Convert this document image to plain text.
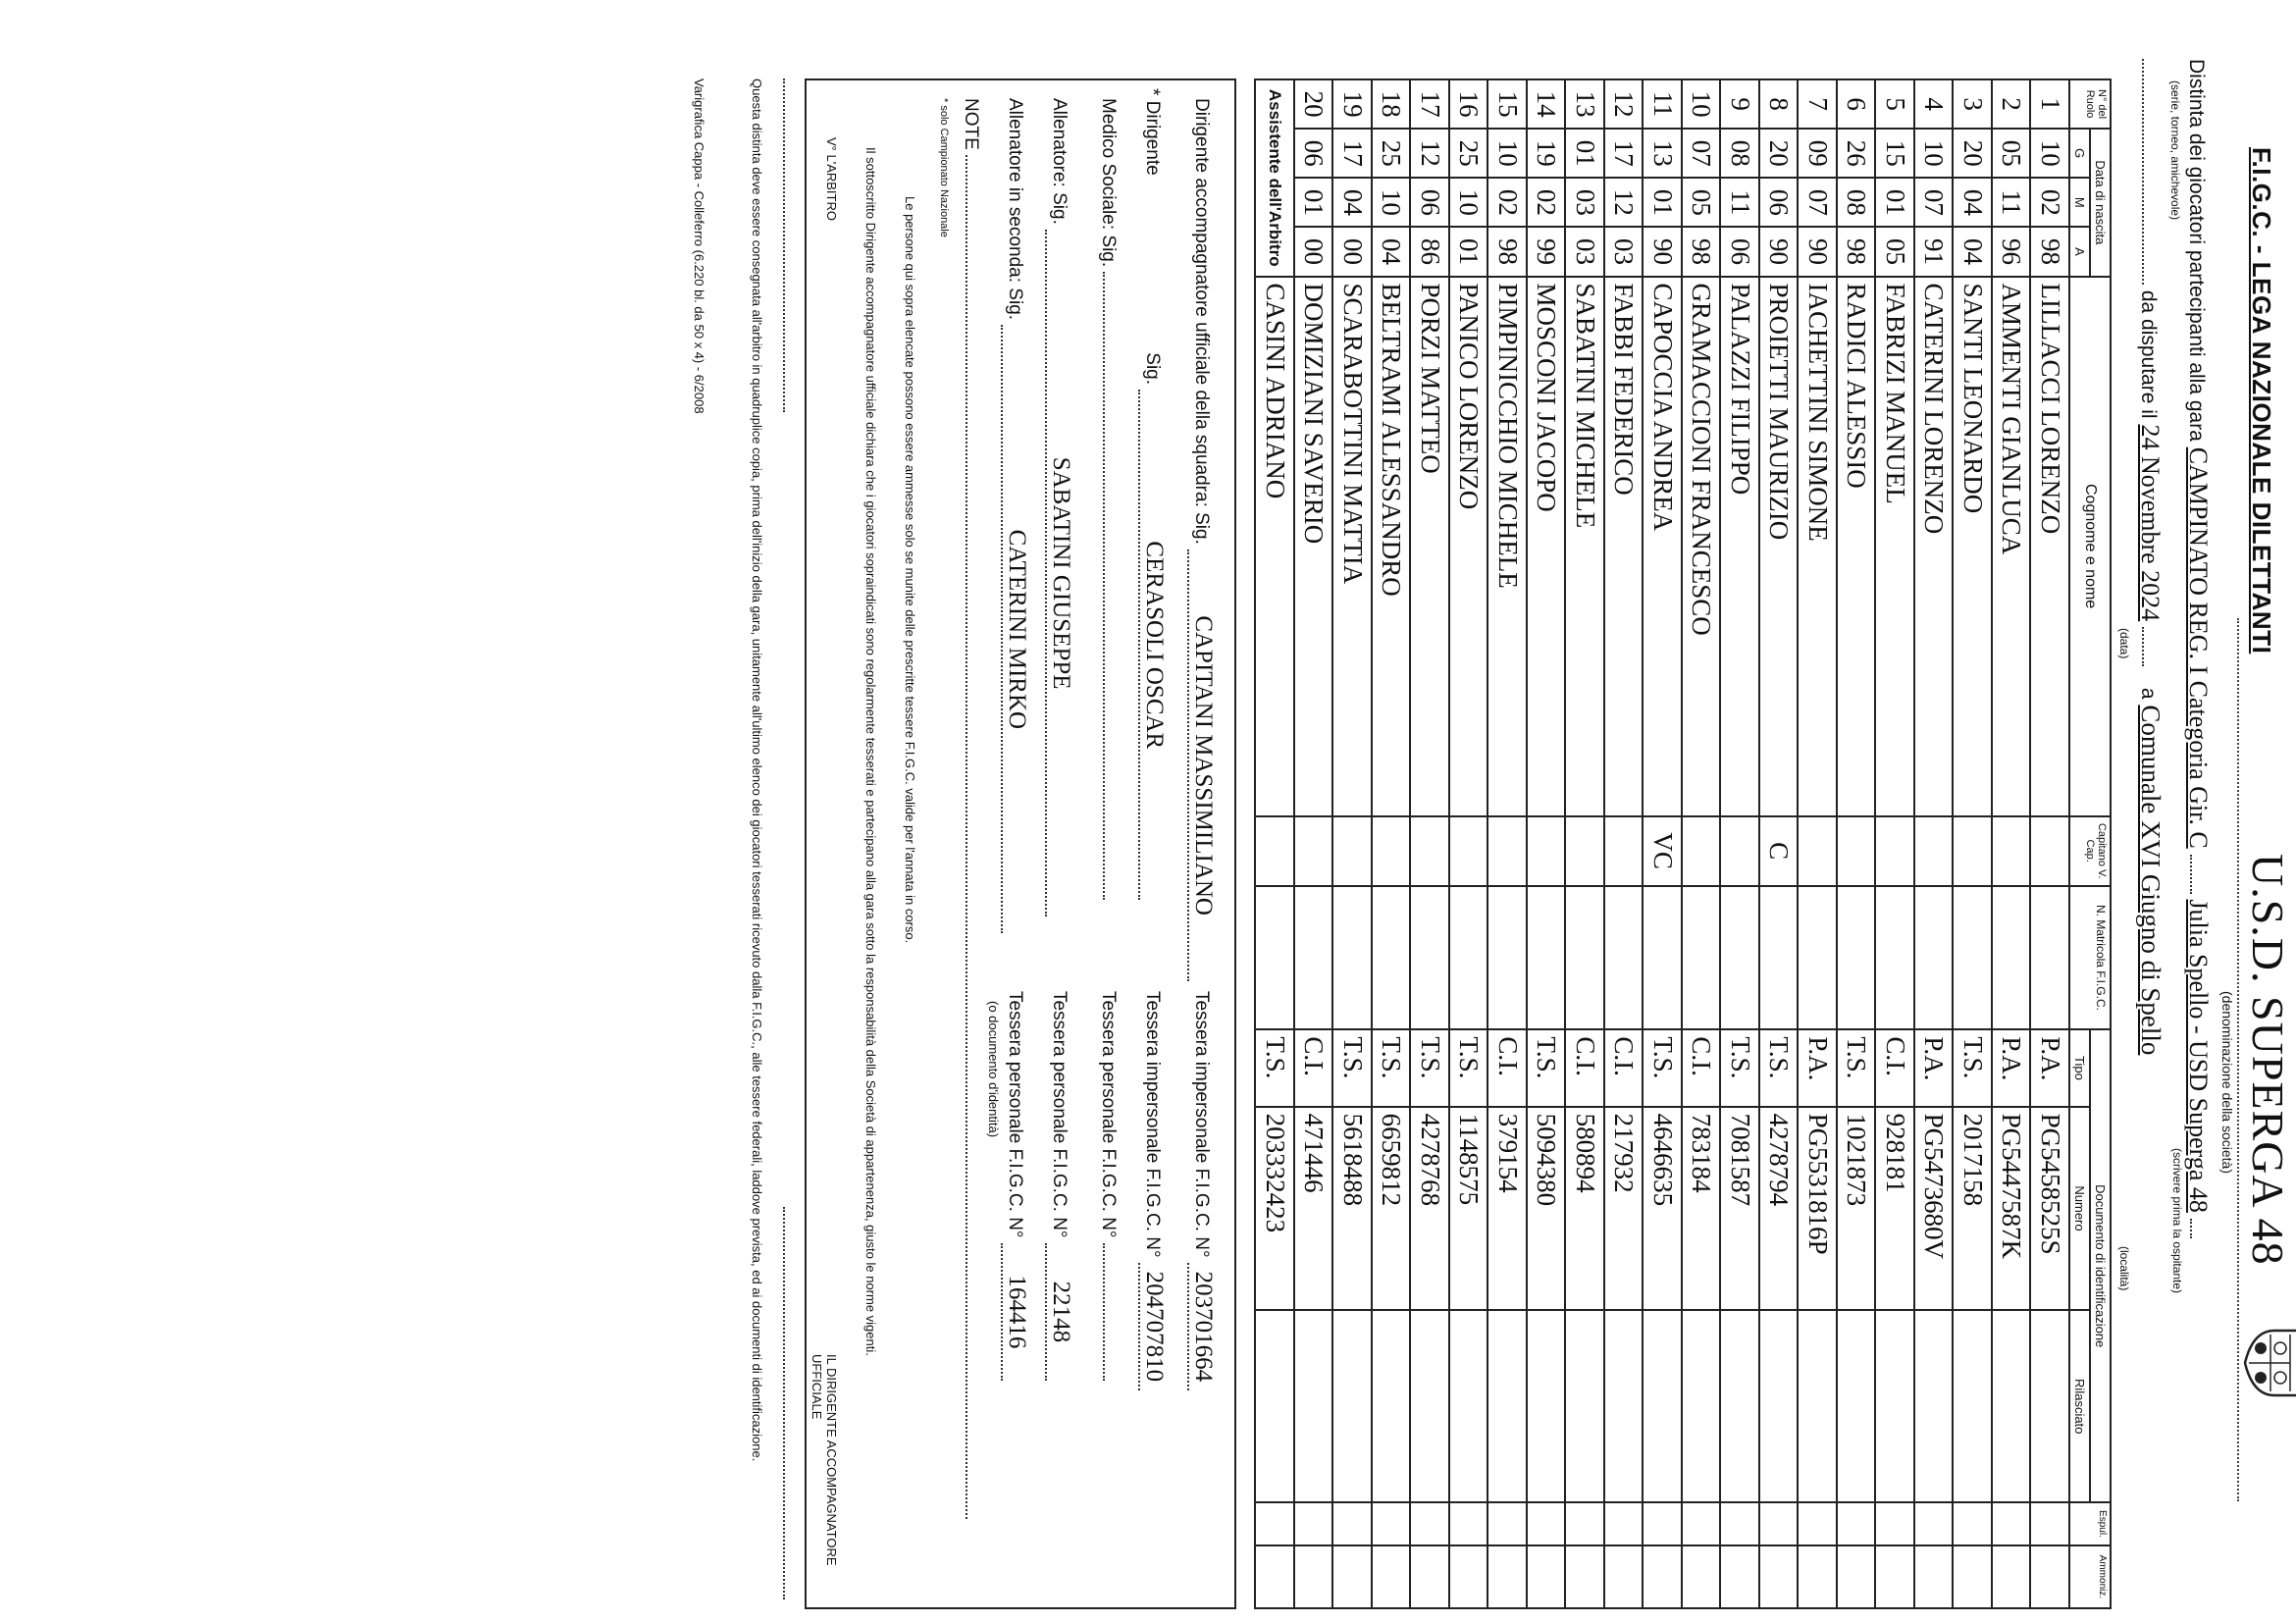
F.I.G.C. - LEGA NAZIONALE DILETTANTI
U.S.D. SUPERGA 48
(denominazione della società)
Distinta dei giocatori partecipanti alla gara CAMPINATO REG. I Categoria Gir. C  Julia Spello - USD Superga 48
(serie, torneo, amichevole)
(scrivere prima la ospitante)
da disputare il 24 Novembre 2024  a Comunale XVI Giugno di Spello
(data)
(località)
N° del Ruolo	Data di nascita			Cognome e nome	Capitano V. Cap.	N. Matricola F.I.G.C.	Documento di identificazione			Espul.	Ammoniz.
	G	M	A				Tipo	Numero	Rilasciato		
1	10	02	98	LILLACCI LORENZO			P.A.	PG5458525S			
2	05	11	96	AMMENTI GIANLUCA			P.A.	PG5447587K			
3	20	04	04	SANTI LEONARDO			T.S.	2017158			
4	10	07	91	CATERINI LORENZO			P.A.	PG5473680V			
5	15	01	05	FABRIZI MANUEL			C.I.	928181			
6	26	08	98	RADICI ALESSIO			T.S.	1021873			
7	09	07	90	IACHETTINI SIMONE			P.A.	PG5531816P			
8	20	06	90	PROIETTI MAURIZIO	C		T.S.	4278794			
9	08	11	06	PALAZZI FILIPPO			T.S.	7081587			
10	07	05	98	GRAMACCIONI FRANCESCO			C.I.	783184			
11	13	01	90	CAPOCCIA ANDREA	VC		T.S.	4646635			
12	17	12	03	FABBI FEDERICO			C.I.	217932			
13	01	03	03	SABATINI MICHELE			C.I.	580894			
14	19	02	99	MOSCONI JACOPO			T.S.	5094380			
15	10	02	98	PIMPINICCHIO MICHELE			C.I.	379154			
16	25	10	01	PANICO LORENZO			T.S.	1148575			
17	12	06	86	PORZI MATTEO			T.S.	4278768			
18	25	10	04	BELTRAMI ALESSANDRO			T.S.	6659812			
19	17	04	00	SCARABOTTINI MATTIA			T.S.	5618488			
20	06	01	00	DOMIZIANI SAVERIO			C.I.	471446			
Assistente dell'Arbitro				CASINI ADRIANO			T.S.	203332423			
Dirigente accompagnatore ufficiale della squadra: Sig. CAPITANI MASSIMILIANO
Tessera impersonale F.I.G.C. N° 203701664
* Dirigente  Sig. CERASOLI OSCAR
Tessera impersonale F.I.G.C. N° 204707810
Medico Sociale: Sig.
Tessera personale F.I.G.C. N°
Allenatore: Sig. SABATINI GIUSEPPE
Tessera personale F.I.G.C. N° 22148
Allenatore in seconda: Sig. CATERINI MIRKO
Tessera personale F.I.G.C. N° 164416
(o documento d'identità)
NOTE
* solo Campionato Nazionale
Le persone qui sopra elencate possono essere ammesse solo se munite delle prescritte tessere F.I.G.C. valide per l'annata in corso.
Il sottoscritto Dirigente accompagnatore ufficiale dichiara che i giocatori sopraindicati sono regolarmente tesserati e partecipano alla gara sotto la responsabilità della Società di appartenenza, giusto le norme vigenti.
V° L'ARBITRO
IL DIRIGENTE ACCOMPAGNATORE UFFICIALE
Questa distinta deve essere consegnata all'arbitro in quadruplice copia, prima dell'inizio della gara, unitamente all'ultimo elenco dei giocatori tesserati ricevuto dalla F.I.G.C., alle tessere federali, laddove prevista, ed ai documenti di identificazione.
Varigrafica Cappa - Colleferro (6.220 bl. da 50 x 4) - 6/2008
